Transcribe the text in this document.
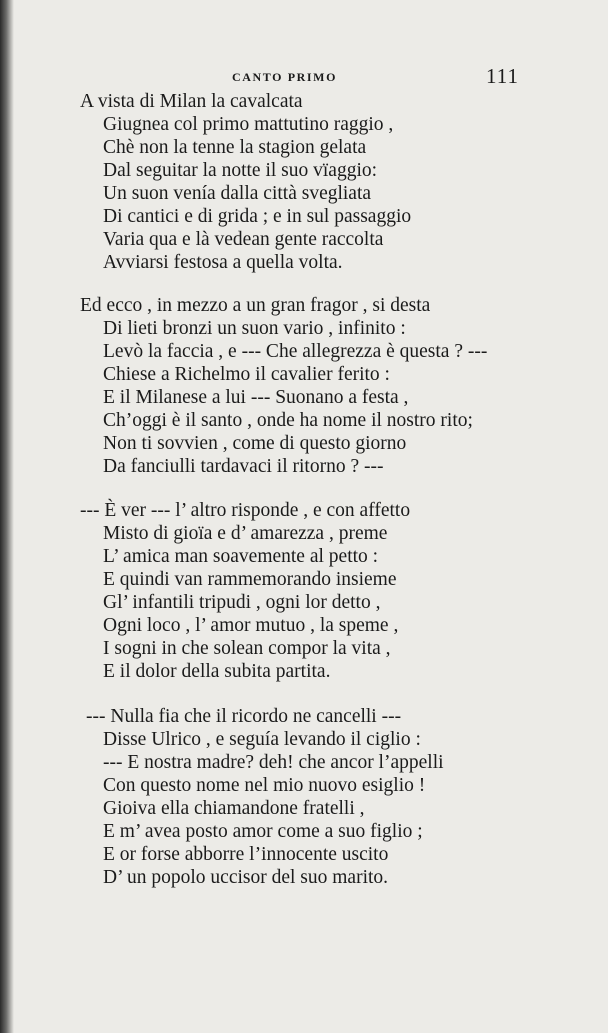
CANTO PRIMO	111
A vista di Milan la cavalcata
Giugnea col primo mattutino raggio ,
Chè non la tenne la stagion gelata
Dal seguitar la notte il suo vïaggio:
Un suon venía dalla città svegliata
Di cantici e di grida ; e in sul passaggio
Varia qua e là vedean gente raccolta
Avviarsi festosa a quella volta.
Ed ecco , in mezzo a un gran fragor , si desta
Di lieti bronzi un suon vario , infinito :
Levò la faccia , e --- Che allegrezza è questa ? ---
Chiese a Richelmo il cavalier ferito :
E il Milanese a lui --- Suonano a festa ,
Ch’oggi è il santo , onde ha nome il nostro rito;
Non ti sovvien , come di questo giorno
Da fanciulli tardavaci il ritorno ? ---
--- È ver --- l’ altro risponde , e con affetto
Misto di gioïa e d’ amarezza , preme
L’ amica man soavemente al petto :
E quindi van rammemorando insieme
Gl’ infantili tripudi , ogni lor detto ,
Ogni loco , l’ amor mutuo , la speme ,
I sogni in che solean compor la vita ,
E il dolor della subita partita.
--- Nulla fia che il ricordo ne cancelli ---
Disse Ulrico , e seguía levando il ciglio :
--- E nostra madre? deh! che ancor l’appelli
Con questo nome nel mio nuovo esiglio !
Gioiva ella chiamandone fratelli ,
E m’ avea posto amor come a suo figlio ;
E or forse abborre l’innocente uscito
D’ un popolo uccisor del suo marito.
